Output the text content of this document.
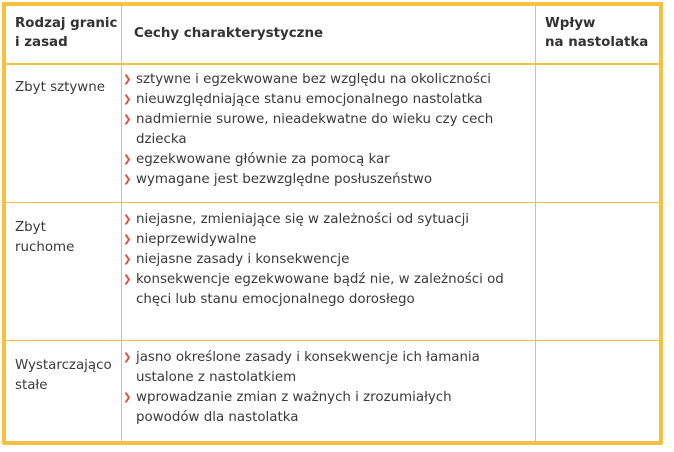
Rodzaj granic
i zasad
Cechy charakterystyczne
Wpływ
na nastolatka
Zbyt sztywne
❯ sztywne i egzekwowane bez względu na okoliczności
❯ nieuwzględniające stanu emocjonalnego nastolatka
❯ nadmiernie surowe, nieadekwatne do wieku czy cech
dziecka
❯ egzekwowane głównie za pomocą kar
❯ wymagane jest bezwzględne posłuszeństwo
Zbyt
ruchome
❯ niejasne, zmieniające się w zależności od sytuacji
❯ nieprzewidywalne
❯ niejasne zasady i konsekwencje
❯ konsekwencje egzekwowane bądź nie, w zależności od
chęci lub stanu emocjonalnego dorosłego
Wystarczająco
stałe
❯ jasno określone zasady i konsekwencje ich łamania
ustalone z nastolatkiem
❯ wprowadzanie zmian z ważnych i zrozumiałych
powodów dla nastolatka
